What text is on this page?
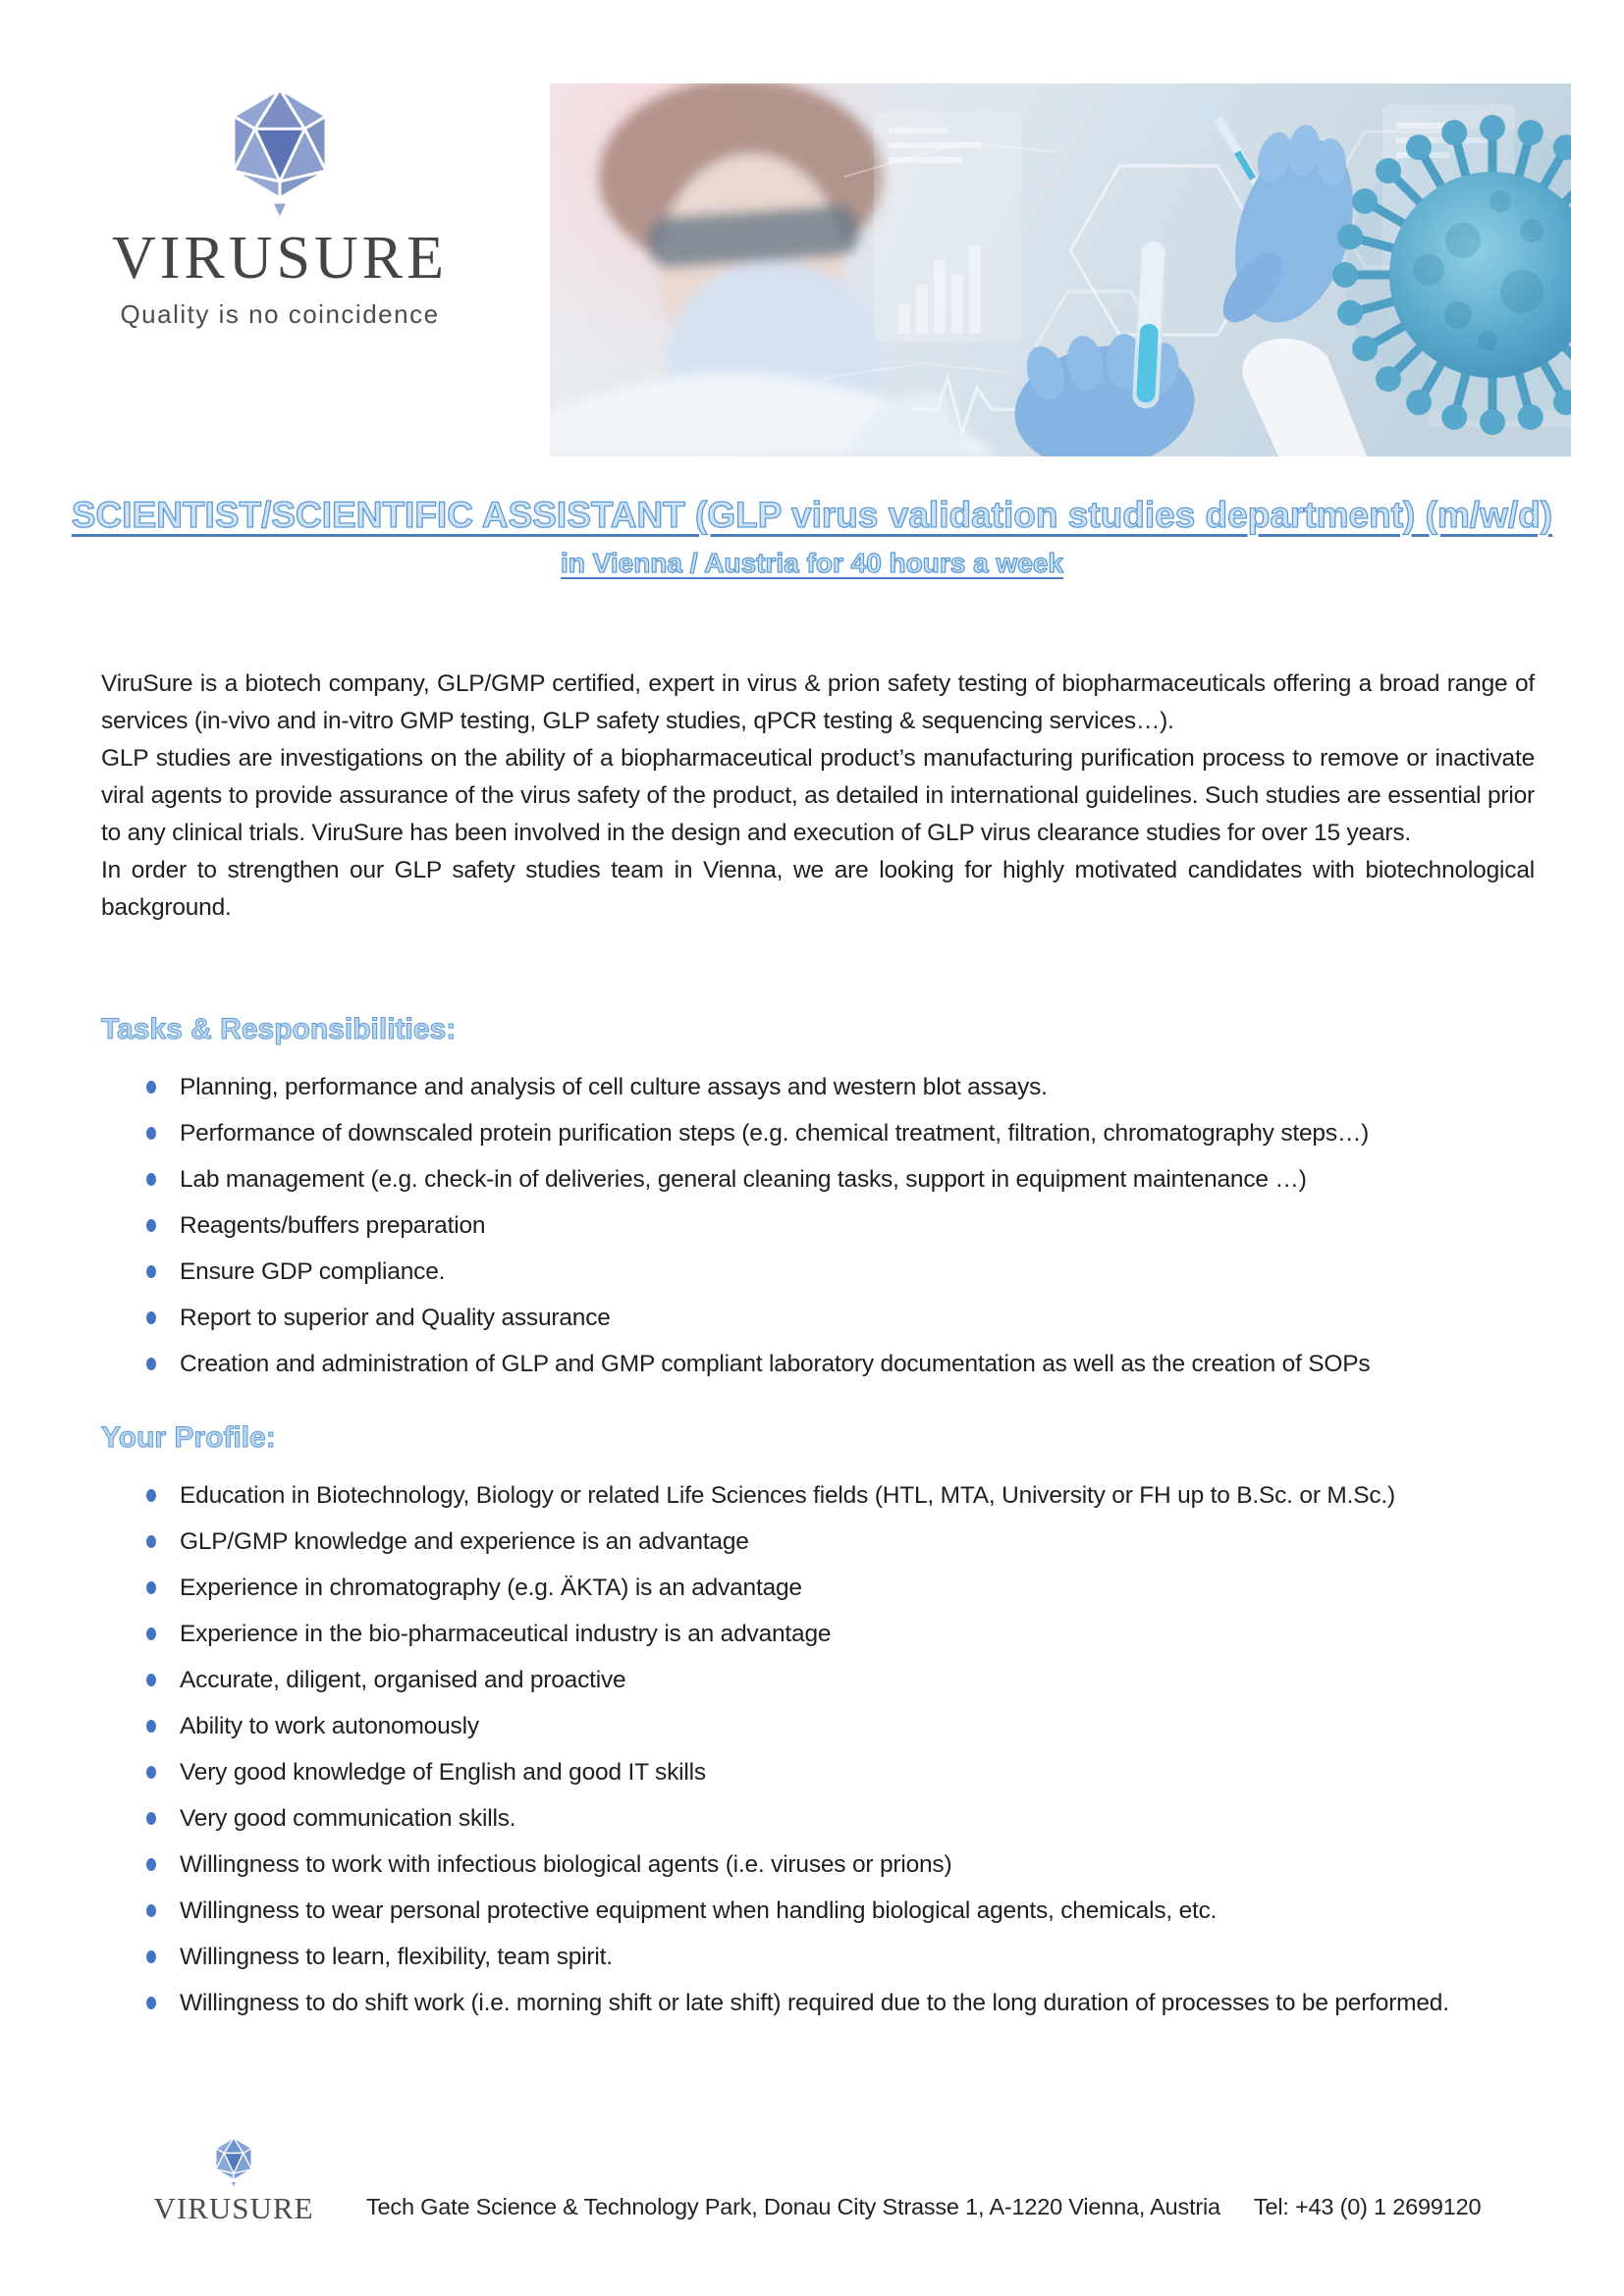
VIRUSURE
Quality is no coincidence
SCIENTIST/SCIENTIFIC ASSISTANT (GLP virus validation studies department) (m/w/d)
in Vienna / Austria for 40 hours a week

ViruSure is a biotech company, GLP/GMP certified, expert in virus & prion safety testing of biopharmaceuticals offering a broad range of services (in-vivo and in-vitro GMP testing, GLP safety studies, qPCR testing & sequencing services…).

GLP studies are investigations on the ability of a biopharmaceutical product’s manufacturing purification process to remove or inactivate viral agents to provide assurance of the virus safety of the product, as detailed in international guidelines. Such studies are essential prior to any clinical trials. ViruSure has been involved in the design and execution of GLP virus clearance studies for over 15 years.

In order to strengthen our GLP safety studies team in Vienna, we are looking for highly motivated candidates with biotechnological background.

Tasks & Responsibilities:
Planning, performance and analysis of cell culture assays and western blot assays.
Performance of downscaled protein purification steps (e.g. chemical treatment, filtration, chromatography steps…)
Lab management (e.g. check-in of deliveries, general cleaning tasks, support in equipment maintenance …)
Reagents/buffers preparation
Ensure GDP compliance.
Report to superior and Quality assurance
Creation and administration of GLP and GMP compliant laboratory documentation as well as the creation of SOPs
Your Profile:
Education in Biotechnology, Biology or related Life Sciences fields (HTL, MTA, University or FH up to B.Sc. or M.Sc.)
GLP/GMP knowledge and experience is an advantage
Experience in chromatography (e.g. ÄKTA) is an advantage
Experience in the bio-pharmaceutical industry is an advantage
Accurate, diligent, organised and proactive
Ability to work autonomously
Very good knowledge of English and good IT skills
Very good communication skills.
Willingness to work with infectious biological agents (i.e. viruses or prions)
Willingness to wear personal protective equipment when handling biological agents, chemicals, etc.
Willingness to learn, flexibility, team spirit.
Willingness to do shift work (i.e. morning shift or late shift) required due to the long duration of processes to be performed.
VIRUSURE Tech Gate Science & Technology Park, Donau City Strasse 1, A-1220 Vienna, Austria Tel: +43 (0) 1 2699120
